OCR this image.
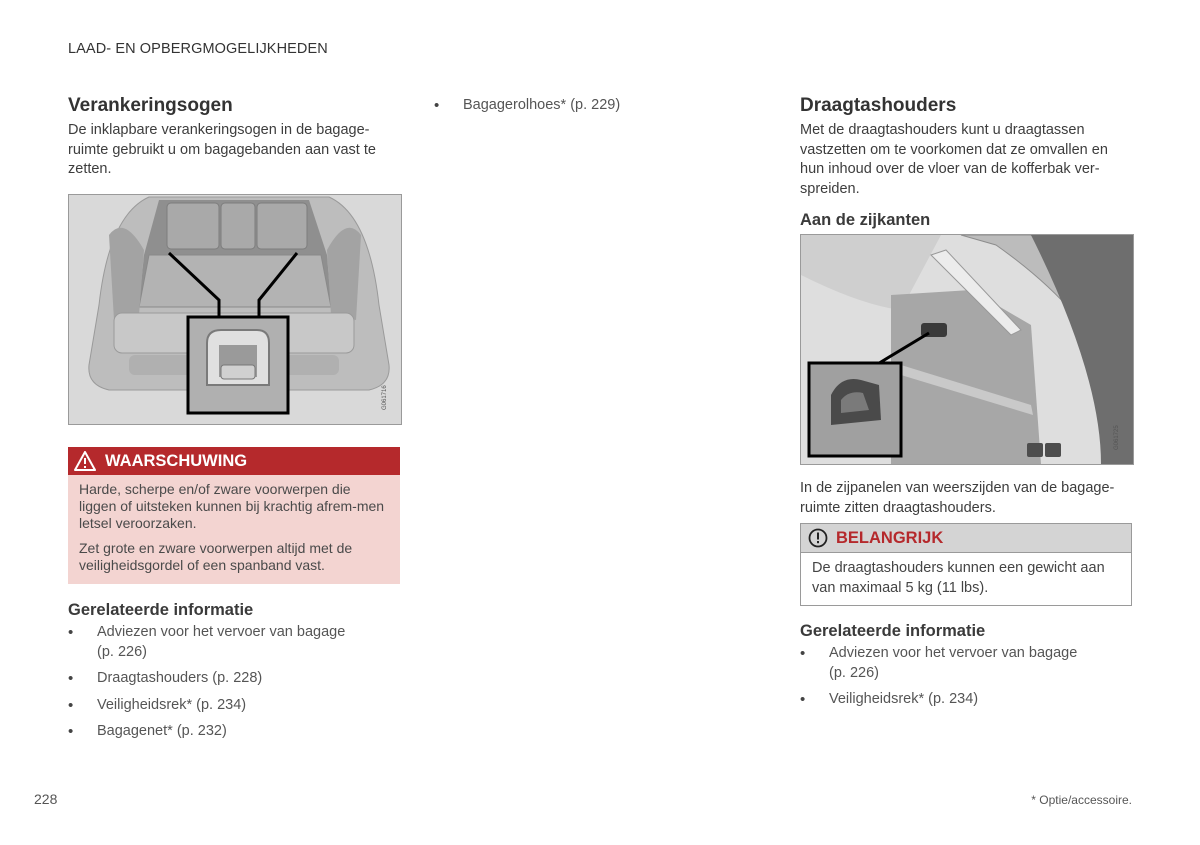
LAAD- EN OPBERGMOGELIJKHEDEN
Verankeringsogen

De inklapbare verankeringsogen in de bagage-ruimte gebruikt u om bagagebanden aan vast te zetten.

G061716
WAARSCHUWING

Harde, scherpe en/of zware voorwerpen die liggen of uitsteken kunnen bij krachtig afrem-men letsel veroorzaken.

Zet grote en zware voorwerpen altijd met de veiligheidsgordel of een spanband vast.

Gerelateerde informatie
• Adviezen voor het vervoer van bagage (p. 226)
• Draagtashouders (p. 228)
• Veiligheidsrek* (p. 234)
• Bagagenet* (p. 232)
• Bagagerolhoes* (p. 229)	Draagtashouders

Met de draagtashouders kunt u draagtassen vastzetten om te voorkomen dat ze omvallen en hun inhoud over de vloer van de kofferbak ver-spreiden.

Aan de zijkanten
G061725

In de zijpanelen van weerszijden van de bagage-ruimte zitten draagtashouders.

BELANGRIJK

De draagtashouders kunnen een gewicht aan van maximaal 5 kg (11 lbs).

Gerelateerde informatie
• Adviezen voor het vervoer van bagage (p. 226)
• Veiligheidsrek* (p. 234)
228	* Optie/accessoire.
